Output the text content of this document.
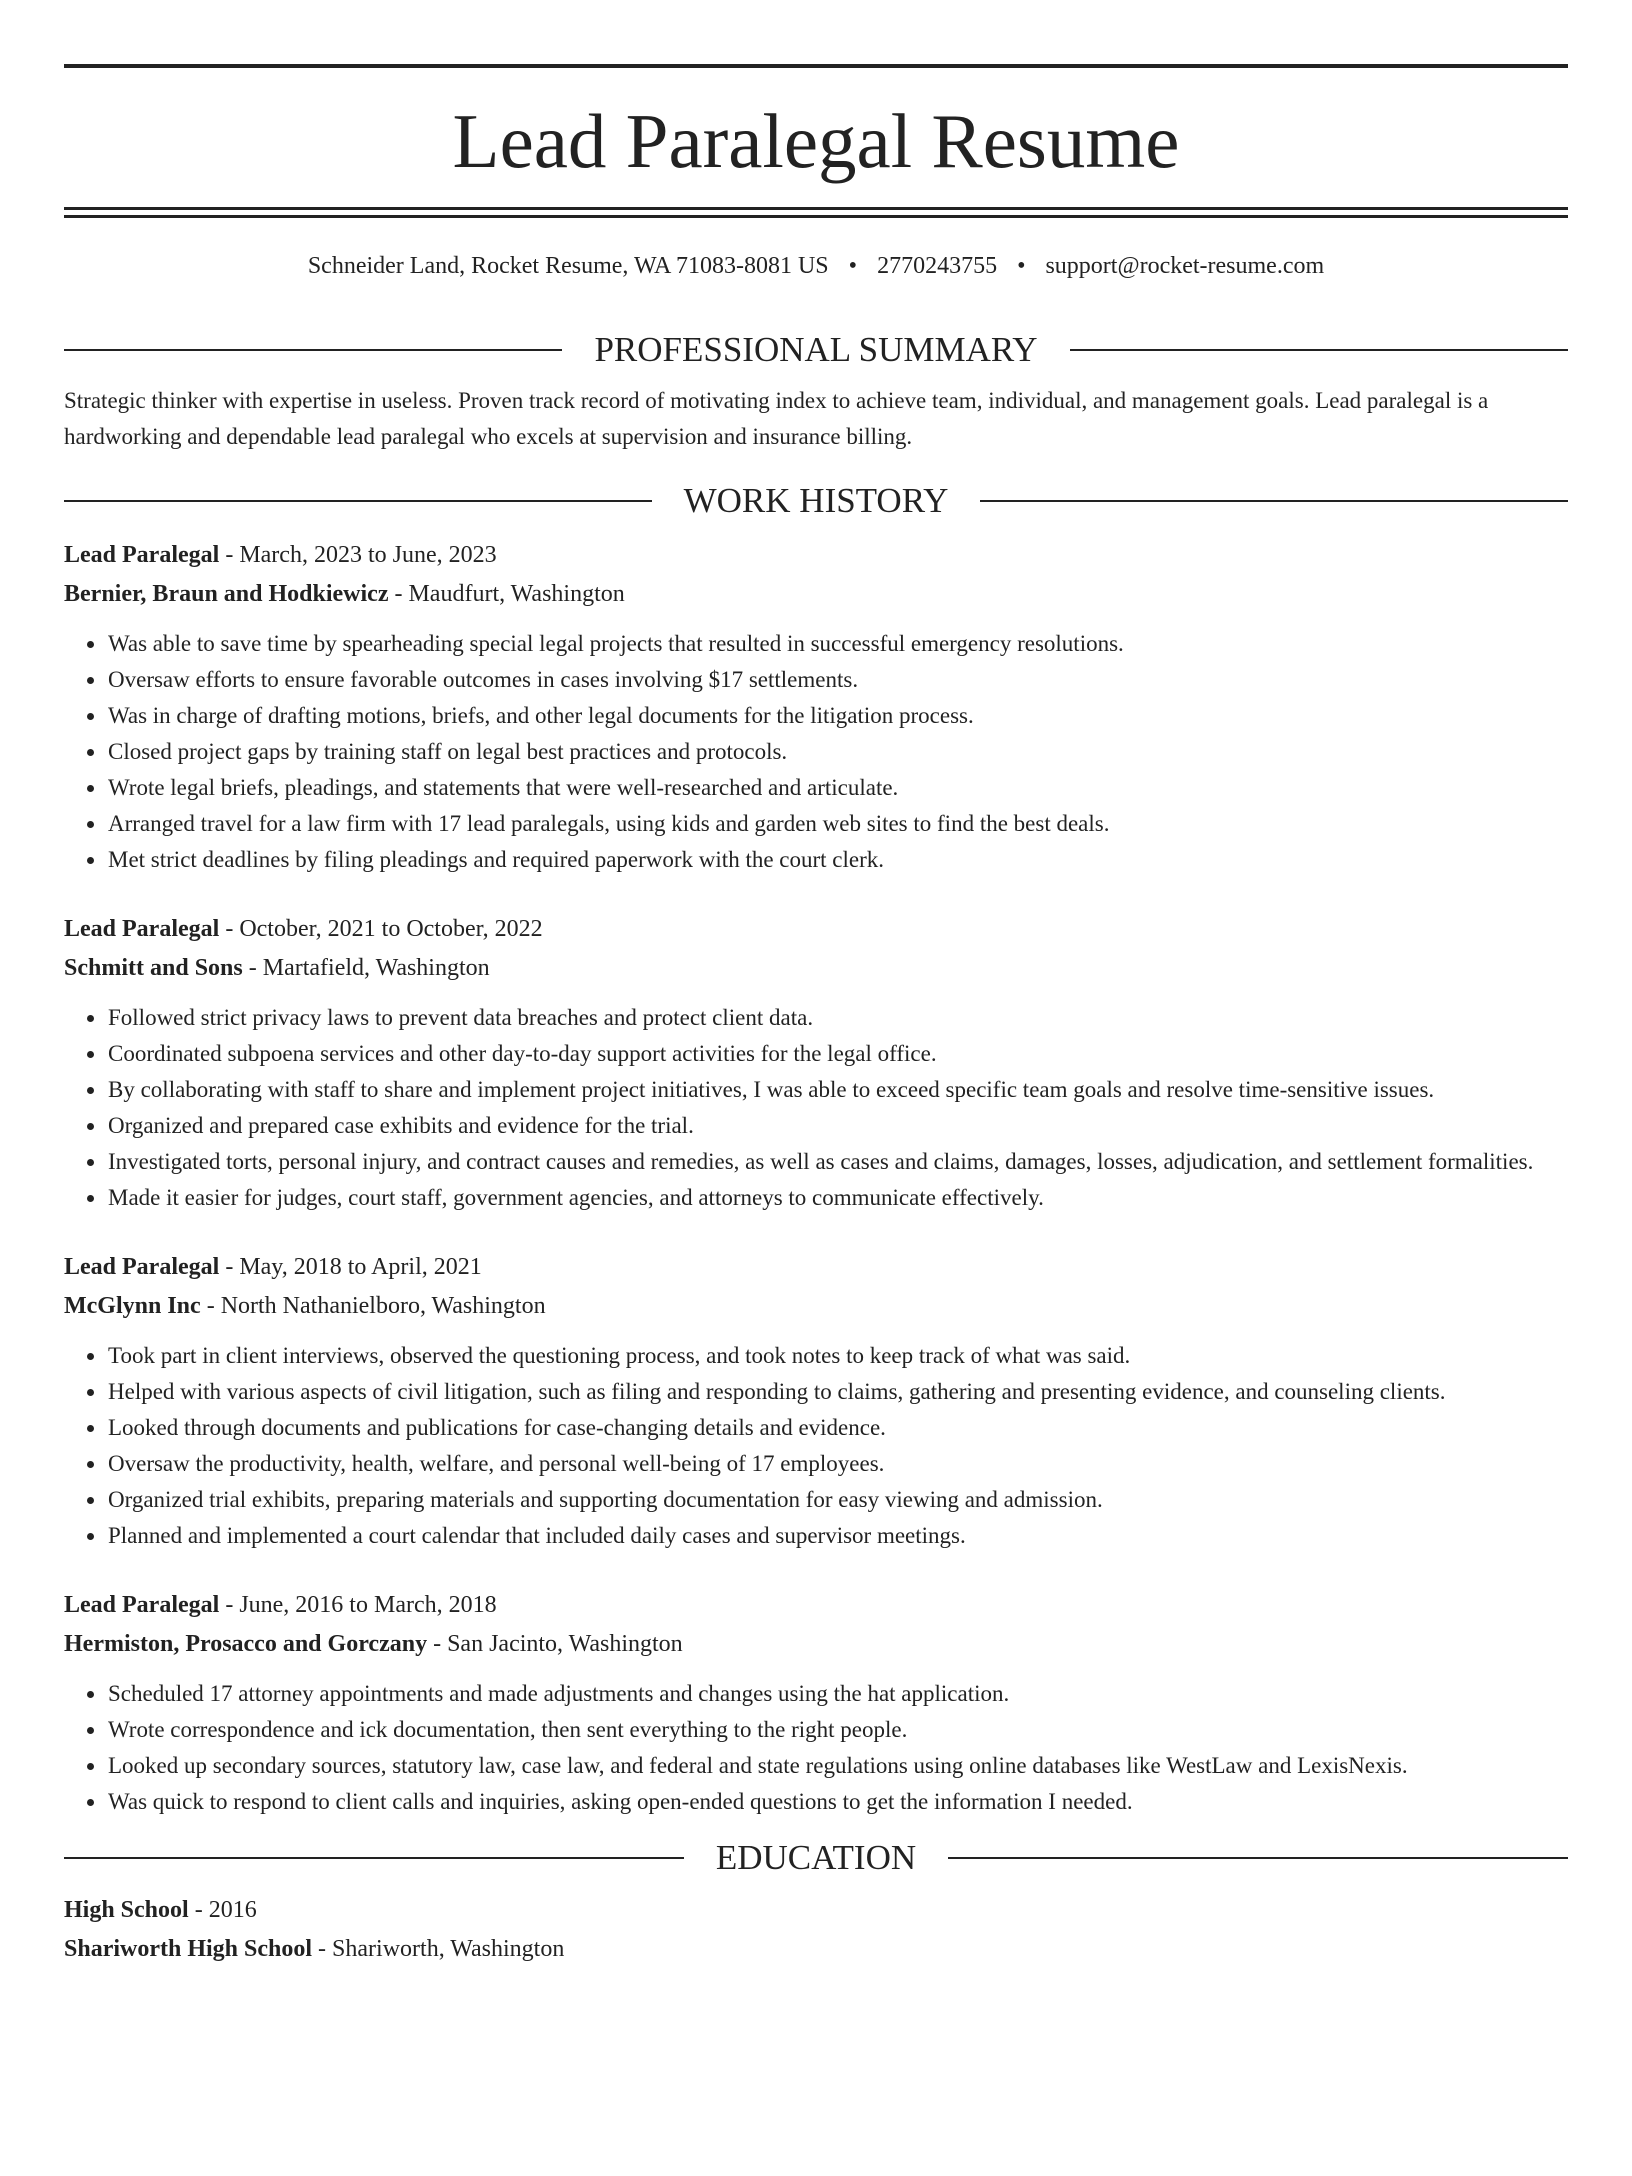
Lead Paralegal Resume
Schneider Land, Rocket Resume, WA 71083-8081 US • 2770243755 • support@rocket-resume.com
PROFESSIONAL SUMMARY
Strategic thinker with expertise in useless. Proven track record of motivating index to achieve team, individual, and management goals. Lead paralegal is a hardworking and dependable lead paralegal who excels at supervision and insurance billing.
WORK HISTORY
Lead Paralegal - March, 2023 to June, 2023
Bernier, Braun and Hodkiewicz - Maudfurt, Washington
• Was able to save time by spearheading special legal projects that resulted in successful emergency resolutions.
• Oversaw efforts to ensure favorable outcomes in cases involving $17 settlements.
• Was in charge of drafting motions, briefs, and other legal documents for the litigation process.
• Closed project gaps by training staff on legal best practices and protocols.
• Wrote legal briefs, pleadings, and statements that were well-researched and articulate.
• Arranged travel for a law firm with 17 lead paralegals, using kids and garden web sites to find the best deals.
• Met strict deadlines by filing pleadings and required paperwork with the court clerk.
Lead Paralegal - October, 2021 to October, 2022
Schmitt and Sons - Martafield, Washington
• Followed strict privacy laws to prevent data breaches and protect client data.
• Coordinated subpoena services and other day-to-day support activities for the legal office.
• By collaborating with staff to share and implement project initiatives, I was able to exceed specific team goals and resolve time-sensitive issues.
• Organized and prepared case exhibits and evidence for the trial.
• Investigated torts, personal injury, and contract causes and remedies, as well as cases and claims, damages, losses, adjudication, and settlement formalities.
• Made it easier for judges, court staff, government agencies, and attorneys to communicate effectively.
Lead Paralegal - May, 2018 to April, 2021
McGlynn Inc - North Nathanielboro, Washington
• Took part in client interviews, observed the questioning process, and took notes to keep track of what was said.
• Helped with various aspects of civil litigation, such as filing and responding to claims, gathering and presenting evidence, and counseling clients.
• Looked through documents and publications for case-changing details and evidence.
• Oversaw the productivity, health, welfare, and personal well-being of 17 employees.
• Organized trial exhibits, preparing materials and supporting documentation for easy viewing and admission.
• Planned and implemented a court calendar that included daily cases and supervisor meetings.
Lead Paralegal - June, 2016 to March, 2018
Hermiston, Prosacco and Gorczany - San Jacinto, Washington
• Scheduled 17 attorney appointments and made adjustments and changes using the hat application.
• Wrote correspondence and ick documentation, then sent everything to the right people.
• Looked up secondary sources, statutory law, case law, and federal and state regulations using online databases like WestLaw and LexisNexis.
• Was quick to respond to client calls and inquiries, asking open-ended questions to get the information I needed.
EDUCATION
High School - 2016
Shariworth High School - Shariworth, Washington
